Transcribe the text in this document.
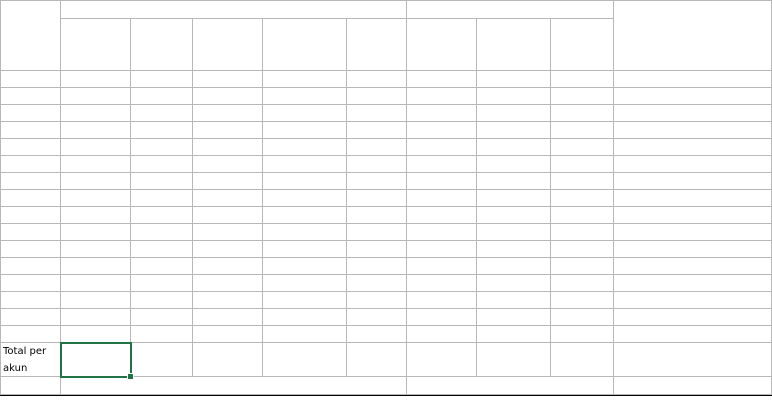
Total per
akun
